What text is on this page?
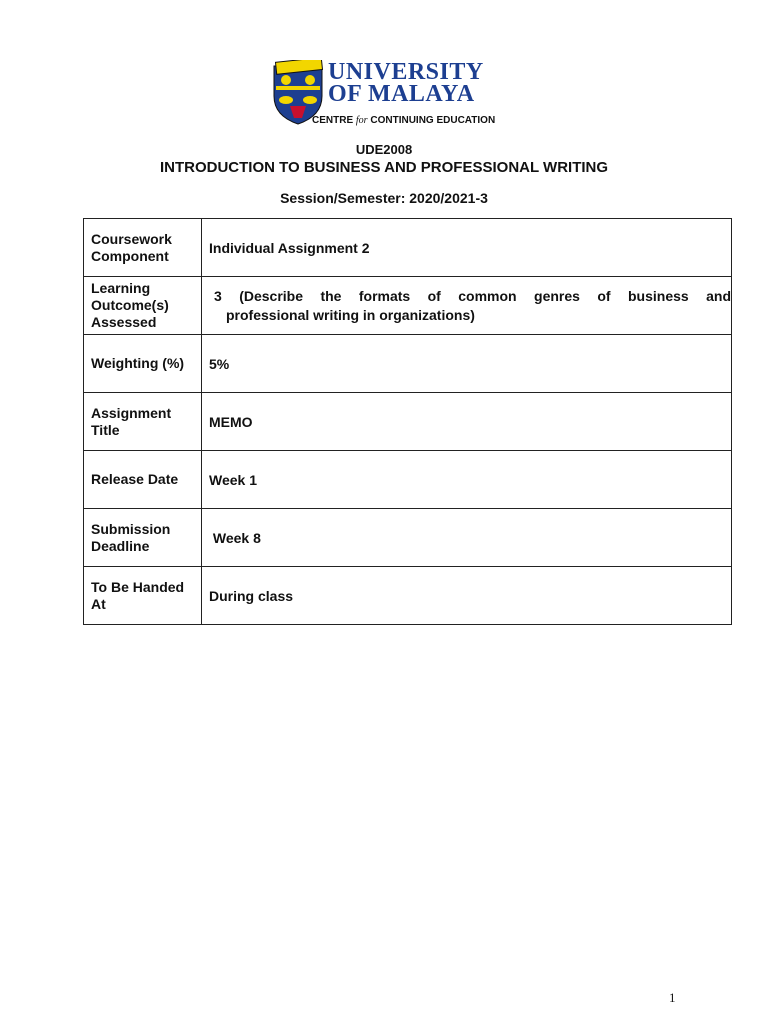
UNIVERSITY
OF MALAYA
CENTRE for CONTINUING EDUCATION
UDE2008
INTRODUCTION TO BUSINESS AND PROFESSIONAL WRITING
Session/Semester: 2020/2021-3
Coursework Component	Individual Assignment 2
Learning Outcome(s) Assessed	3 (Describe the formats of common genres of business and
professional writing in organizations)

Weighting (%)	5%
Assignment Title	MEMO
Release Date	Week 1
Submission Deadline	Week 8
To Be Handed At	During class
1
